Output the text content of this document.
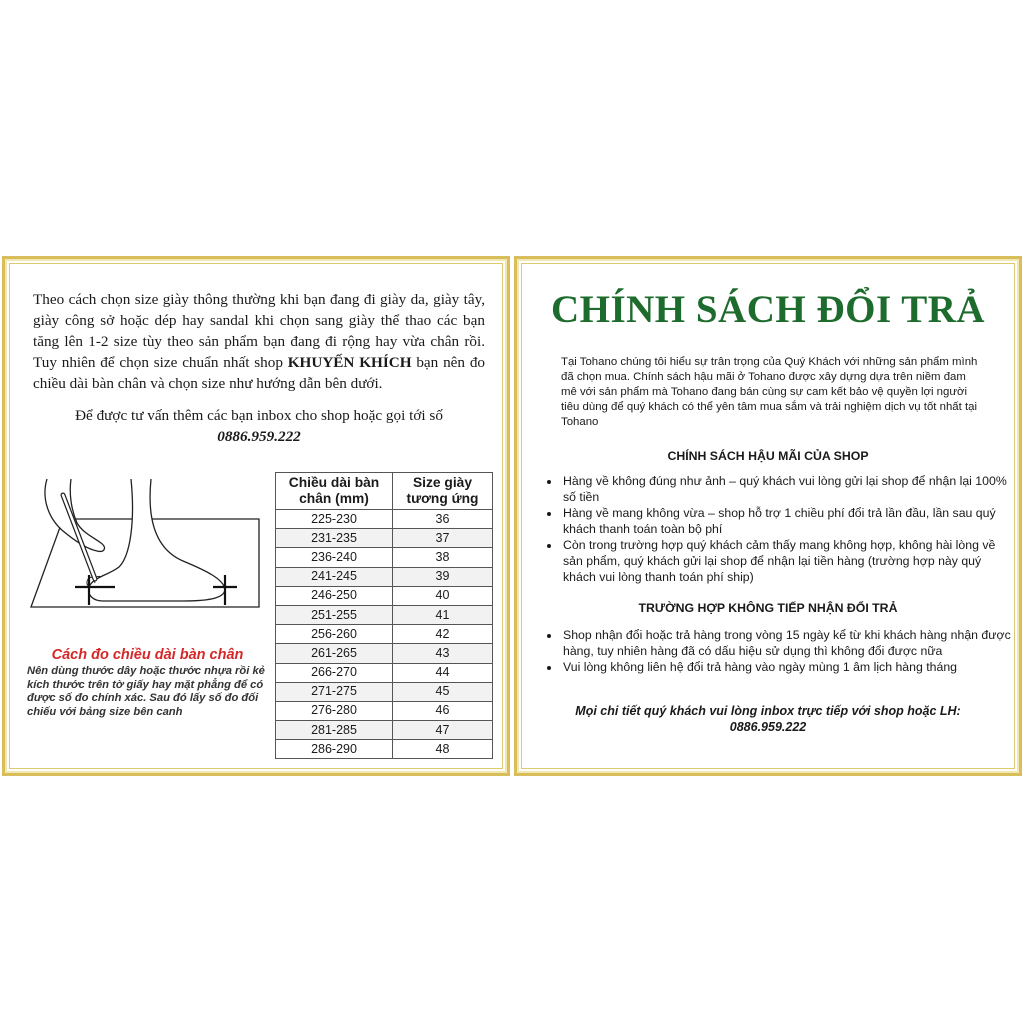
Theo cách chọn size giày thông thường khi bạn đang đi giày da, giày tây, giày công sở hoặc dép hay sandal khi chọn sang giày thể thao các bạn tăng lên 1-2 size tùy theo sản phẩm bạn đang đi rộng hay vừa chân rồi. Tuy nhiên để chọn size chuẩn nhất shop KHUYẾN KHÍCH bạn nên đo chiều dài bàn chân và chọn size như hướng dẫn bên dưới.

Để được tư vấn thêm các bạn inbox cho shop hoặc gọi tới số
0886.959.222

Cách đo chiều dài bàn chân

Nên dùng thước dây hoặc thước nhựa rồi kẻ kích thước trên tờ giấy hay mặt phẳng để có được số đo chính xác. Sau đó lấy số đo đối chiếu với bảng size bên canh

Chiều dài bàn chân (mm)	Size giày tương ứng
225-230	36
231-235	37
236-240	38
241-245	39
246-250	40
251-255	41
256-260	42
261-265	43
266-270	44
271-275	45
276-280	46
281-285	47
286-290	48
CHÍNH SÁCH ĐỔI TRẢ

Tại Tohano chúng tôi hiểu sự trân trọng của Quý Khách với những sản phẩm mình đã chọn mua. Chính sách hậu mãi ở Tohano được xây dựng dựa trên niềm đam mê với sản phẩm mà Tohano đang bán cùng sự cam kết bảo vệ quyền lợi người tiêu dùng để quý khách có thể yên tâm mua sắm và trải nghiệm dịch vụ tốt nhất tại Tohano

CHÍNH SÁCH HẬU MÃI CỦA SHOP

• Hàng về không đúng như ảnh – quý khách vui lòng gửi lại shop để nhận lại 100% số tiền
• Hàng về mang không vừa – shop hỗ trợ 1 chiều phí đổi trả lần đầu, lần sau quý khách thanh toán toàn bộ phí
• Còn trong trường hợp quý khách cảm thấy mang không hợp, không hài lòng về sản phẩm, quý khách gửi lại shop để nhận lại tiền hàng (trường hợp này quý khách vui lòng thanh toán phí ship)

TRƯỜNG HỢP KHÔNG TIẾP NHẬN ĐỔI TRẢ

• Shop nhận đổi hoặc trả hàng trong vòng 15 ngày kể từ khi khách hàng nhận được hàng, tuy nhiên hàng đã có dấu hiệu sử dụng thì không đổi được nữa
• Vui lòng không liên hệ đổi trả hàng vào ngày mùng 1 âm lịch hàng tháng

Mọi chi tiết quý khách vui lòng inbox trực tiếp với shop hoặc LH:
0886.959.222
